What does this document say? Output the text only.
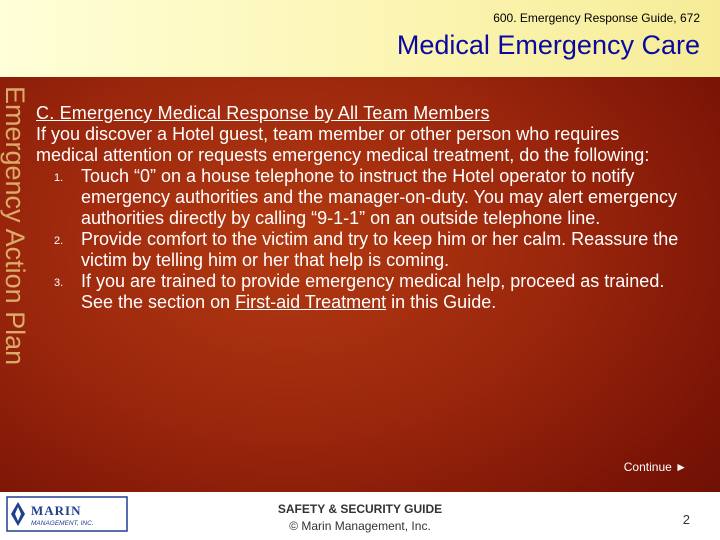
600. Emergency Response Guide, 672
Medical Emergency Care
Emergency Action Plan C. Emergency Medical Response by All Team Members

If you discover a Hotel guest, team member or other person who requires medical attention or requests emergency medical treatment, do the following:

1. Touch “0” on a house telephone to instruct the Hotel operator to notify emergency authorities and the manager-on-duty. You may alert emergency authorities directly by calling “9-1-1” on an outside telephone line.
2. Provide comfort to the victim and try to keep him or her calm. Reassure the victim by telling him or her that help is coming.
3. If you are trained to provide emergency medical help, proceed as trained. See the section on First-aid Treatment in this Guide.
Continue ►
MARIN
MANAGEMENT, INC.
SAFETY & SECURITY GUIDE
© Marin Management, Inc.	2
